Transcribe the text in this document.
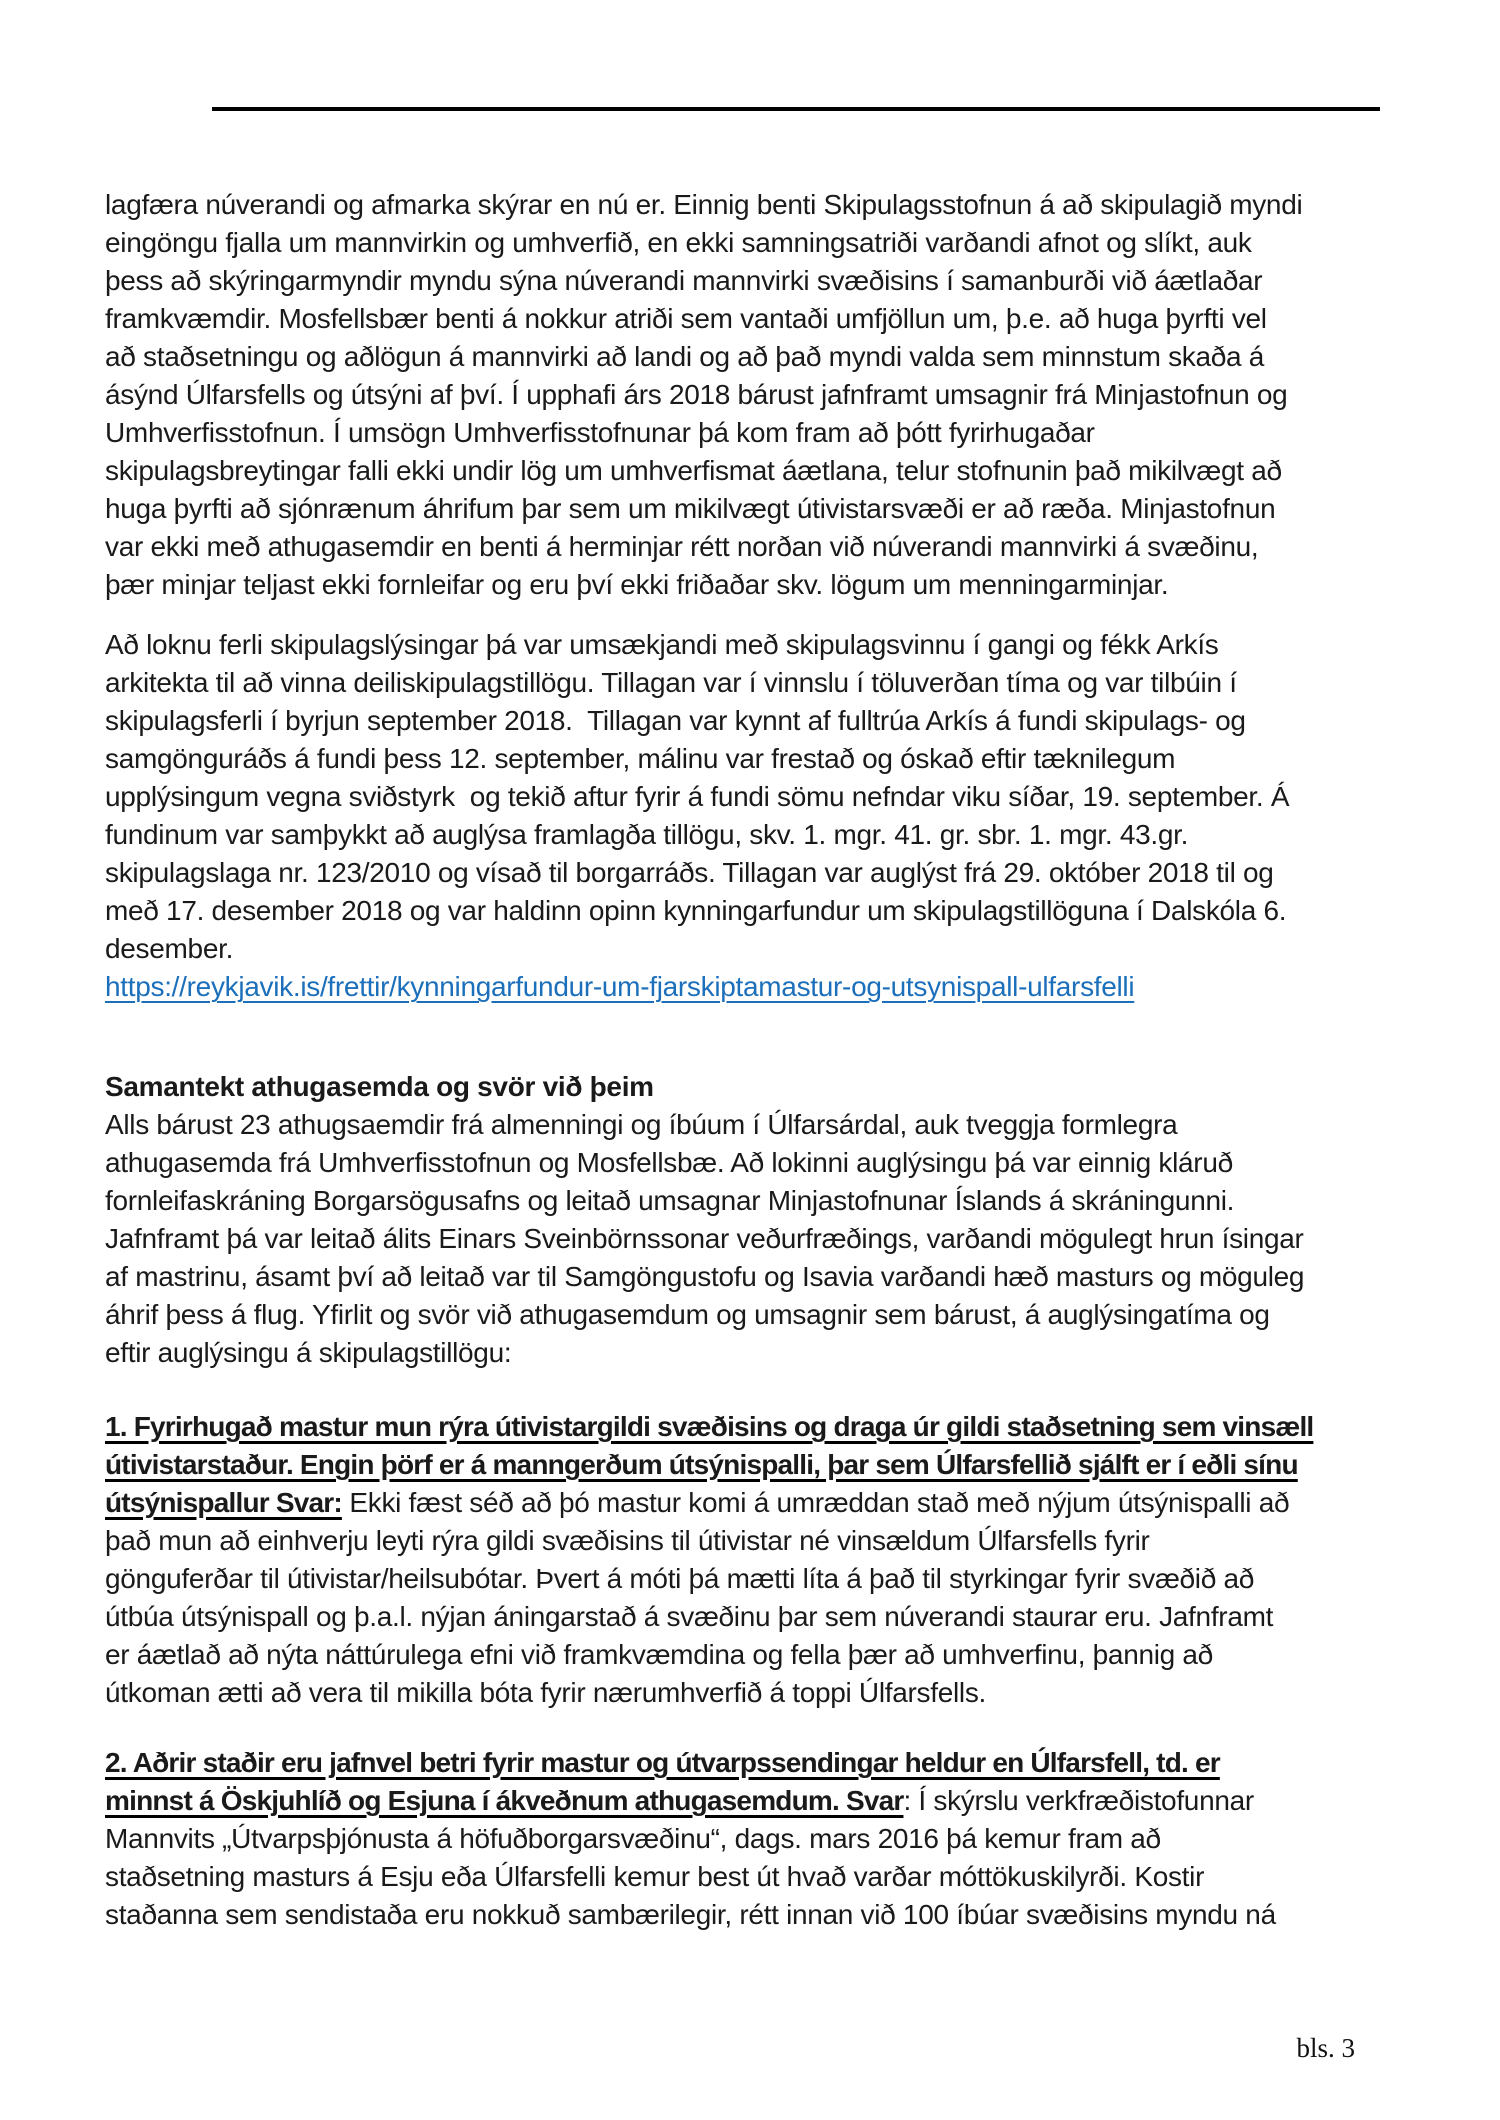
lagfæra núverandi og afmarka skýrar en nú er. Einnig benti Skipulagsstofnun á að skipulagið myndi
eingöngu fjalla um mannvirkin og umhverfið, en ekki samningsatriði varðandi afnot og slíkt, auk
þess að skýringarmyndir myndu sýna núverandi mannvirki svæðisins í samanburði við áætlaðar
framkvæmdir. Mosfellsbær benti á nokkur atriði sem vantaði umfjöllun um, þ.e. að huga þyrfti vel
að staðsetningu og aðlögun á mannvirki að landi og að það myndi valda sem minnstum skaða á
ásýnd Úlfarsfells og útsýni af því. Í upphafi árs 2018 bárust jafnframt umsagnir frá Minjastofnun og
Umhverfisstofnun. Í umsögn Umhverfisstofnunar þá kom fram að þótt fyrirhugaðar
skipulagsbreytingar falli ekki undir lög um umhverfismat áætlana, telur stofnunin það mikilvægt að
huga þyrfti að sjónrænum áhrifum þar sem um mikilvægt útivistarsvæði er að ræða. Minjastofnun
var ekki með athugasemdir en benti á herminjar rétt norðan við núverandi mannvirki á svæðinu,
þær minjar teljast ekki fornleifar og eru því ekki friðaðar skv. lögum um menningarminjar.
Að loknu ferli skipulagslýsingar þá var umsækjandi með skipulagsvinnu í gangi og fékk Arkís
arkitekta til að vinna deiliskipulagstillögu. Tillagan var í vinnslu í töluverðan tíma og var tilbúin í
skipulagsferli í byrjun september 2018.  Tillagan var kynnt af fulltrúa Arkís á fundi skipulags- og
samgönguráðs á fundi þess 12. september, málinu var frestað og óskað eftir tæknilegum
upplýsingum vegna sviðstyrk  og tekið aftur fyrir á fundi sömu nefndar viku síðar, 19. september. Á
fundinum var samþykkt að auglýsa framlagða tillögu, skv. 1. mgr. 41. gr. sbr. 1. mgr. 43.gr.
skipulagslaga nr. 123/2010 og vísað til borgarráðs. Tillagan var auglýst frá 29. október 2018 til og
með 17. desember 2018 og var haldinn opinn kynningarfundur um skipulagstillöguna í Dalskóla 6.
desember.
https://reykjavik.is/frettir/kynningarfundur-um-fjarskiptamastur-og-utsynispall-ulfarsfelli
Samantekt athugasemda og svör við þeim
Alls bárust 23 athugsaemdir frá almenningi og íbúum í Úlfarsárdal, auk tveggja formlegra
athugasemda frá Umhverfisstofnun og Mosfellsbæ. Að lokinni auglýsingu þá var einnig kláruð
fornleifaskráning Borgarsögusafns og leitað umsagnar Minjastofnunar Íslands á skráningunni.
Jafnframt þá var leitað álits Einars Sveinbörnssonar veðurfræðings, varðandi mögulegt hrun ísingar
af mastrinu, ásamt því að leitað var til Samgöngustofu og Isavia varðandi hæð masturs og möguleg
áhrif þess á flug. Yfirlit og svör við athugasemdum og umsagnir sem bárust, á auglýsingatíma og
eftir auglýsingu á skipulagstillögu:
1. Fyrirhugað mastur mun rýra útivistargildi svæðisins og draga úr gildi staðsetning sem vinsæll
útivistarstaður. Engin þörf er á manngerðum útsýnispalli, þar sem Úlfarsfellið sjálft er í eðli sínu
útsýnispallur Svar: Ekki fæst séð að þó mastur komi á umræddan stað með nýjum útsýnispalli að
það mun að einhverju leyti rýra gildi svæðisins til útivistar né vinsældum Úlfarsfells fyrir
gönguferðar til útivistar/heilsubótar. Þvert á móti þá mætti líta á það til styrkingar fyrir svæðið að
útbúa útsýnispall og þ.a.l. nýjan áningarstað á svæðinu þar sem núverandi staurar eru. Jafnframt
er áætlað að nýta náttúrulega efni við framkvæmdina og fella þær að umhverfinu, þannig að
útkoman ætti að vera til mikilla bóta fyrir nærumhverfið á toppi Úlfarsfells.
2. Aðrir staðir eru jafnvel betri fyrir mastur og útvarpssendingar heldur en Úlfarsfell, td. er
minnst á Öskjuhlíð og Esjuna í ákveðnum athugasemdum. Svar: Í skýrslu verkfræðistofunnar
Mannvits „Útvarpsþjónusta á höfuðborgarsvæðinu“, dags. mars 2016 þá kemur fram að
staðsetning masturs á Esju eða Úlfarsfelli kemur best út hvað varðar móttökuskilyrði. Kostir
staðanna sem sendistaða eru nokkuð sambærilegir, rétt innan við 100 íbúar svæðisins myndu ná
bls. 3
